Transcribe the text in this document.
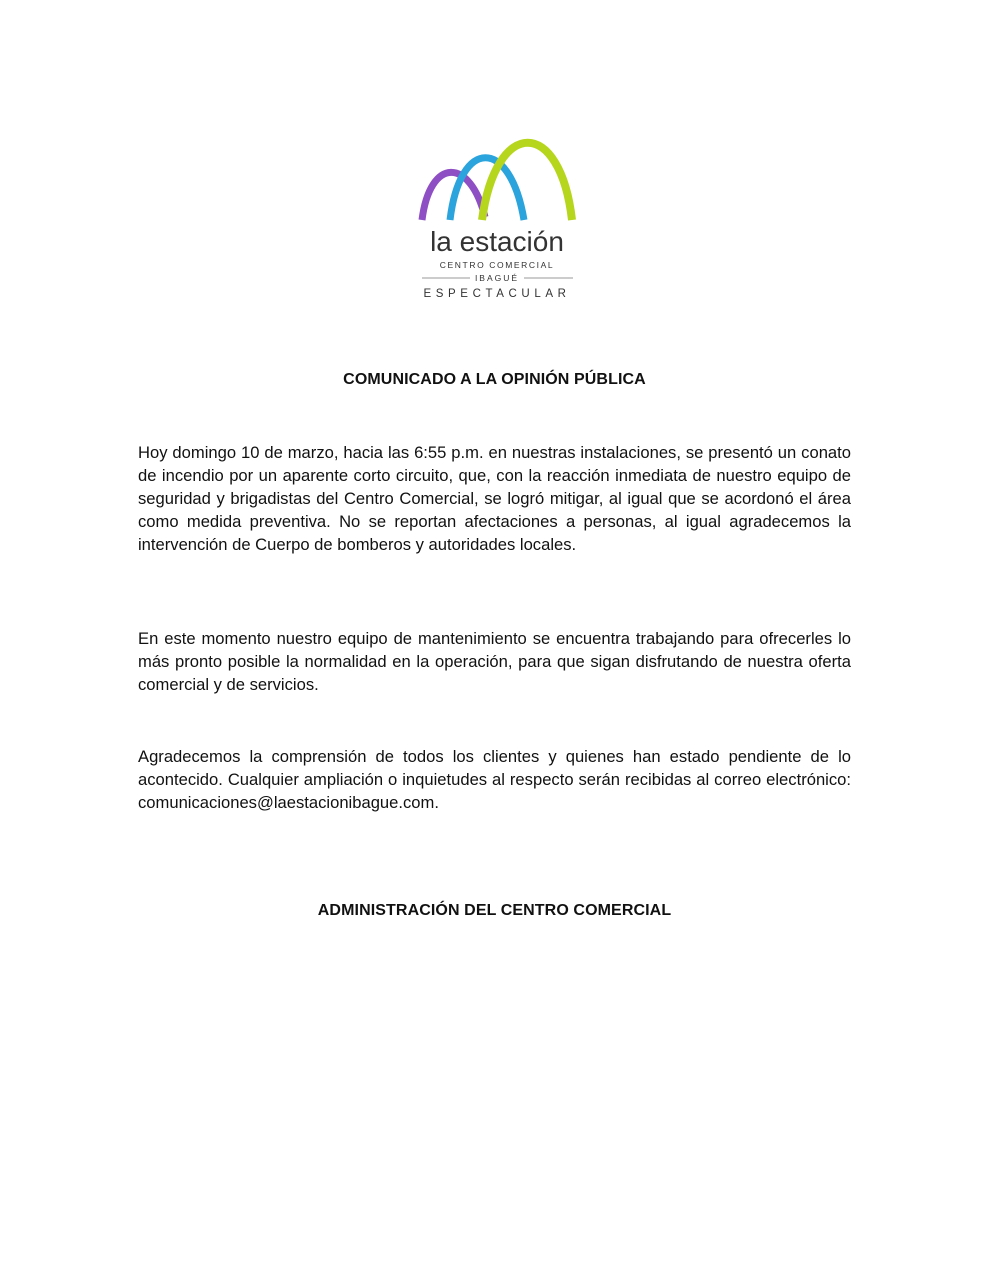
la estación
CENTRO COMERCIAL
IBAGUÉ
ESPECTACULAR
COMUNICADO A LA OPINIÓN PÚBLICA

Hoy domingo 10 de marzo, hacia las 6:55 p.m. en nuestras instalaciones, se presentó un conato de incendio por un aparente corto circuito, que, con la reacción inmediata de nuestro equipo de seguridad y brigadistas del Centro Comercial, se logró mitigar, al igual que se acordonó el área como medida preventiva. No se reportan afectaciones a personas, al igual agradecemos la intervención de Cuerpo de bomberos y autoridades locales.

En este momento nuestro equipo de mantenimiento se encuentra trabajando para ofrecerles lo más pronto posible la normalidad en la operación, para que sigan disfrutando de nuestra oferta comercial y de servicios.

Agradecemos la comprensión de todos los clientes y quienes han estado pendiente de lo acontecido. Cualquier ampliación o inquietudes al respecto serán recibidas al correo electrónico: comunicaciones@laestacionibague.com.

ADMINISTRACIÓN DEL CENTRO COMERCIAL
